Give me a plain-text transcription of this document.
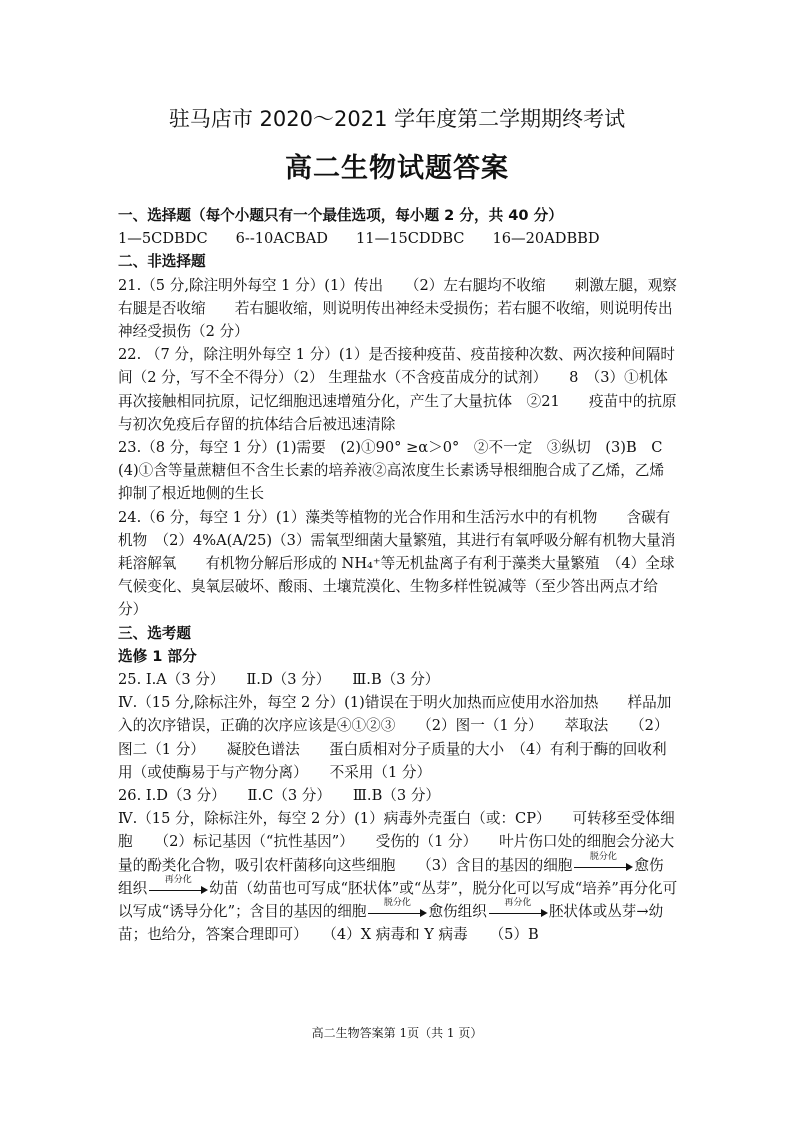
驻马店市 2020～2021 学年度第二学期期终考试
高二生物试题答案

一、选择题（每个小题只有一个最佳选项，每小题 2 分，共 40 分）

1—5CDBDC 6--10ACBAD 11—15CDDBC 16—20ADBBD

二、非选择题

21.（5 分,除注明外每空 1 分）(1）传出　　（2）左右腿均不收缩　　刺激左腿，观察右腿是否收缩　　若右腿收缩，则说明传出神经未受损伤；若右腿不收缩，则说明传出神经受损伤（2 分）

22. （7 分，除注明外每空 1 分）(1）是否接种疫苗、疫苗接种次数、两次接种间隔时间（2 分，写不全不得分）（2） 生理盐水（不含疫苗成分的试剂）　　8　（3）①机体再次接触相同抗原，记忆细胞迅速增殖分化，产生了大量抗体　②21　　疫苗中的抗原与初次免疫后存留的抗体结合后被迅速清除

23.（8 分，每空 1 分）(1)需要　(2)①90° ≥α＞0°　②不一定　③纵切　(3)B　C　(4)①含等量蔗糖但不含生长素的培养液②高浓度生长素诱导根细胞合成了乙烯，乙烯抑制了根近地侧的生长

24.（6 分，每空 1 分）(1）藻类等植物的光合作用和生活污水中的有机物　　含碳有机物　（2）4%A(A/25)（3）需氧型细菌大量繁殖，其进行有氧呼吸分解有机物大量消耗溶解氧　　有机物分解后形成的 NH₄⁺等无机盐离子有利于藻类大量繁殖　（4）全球气候变化、臭氧层破坏、酸雨、土壤荒漠化、生物多样性锐减等（至少答出两点才给分）

三、选考题

选修 1 部分

25. Ⅰ.A（3 分）　　Ⅱ.D（3 分）　　Ⅲ.B（3 分）

Ⅳ.（15 分,除标注外，每空 2 分）(1)错误在于明火加热而应使用水浴加热　　样品加入的次序错误，正确的次序应该是④①②③　　（2）图一（1 分）　　萃取法　　（2）图二（1 分）　　凝胶色谱法　　蛋白质相对分子质量的大小　（4）有利于酶的回收利用（或使酶易于与产物分离）　　不采用（1 分）

26. Ⅰ.D（3 分）　　Ⅱ.C（3 分）　　Ⅲ.B（3 分）

Ⅳ.（15 分，除标注外，每空 2 分）(1）病毒外壳蛋白（或：CP）　　可转移至受体细胞　　（2）标记基因（“抗性基因”）　　受伤的（1 分）　　叶片伤口处的细胞会分泌大量的酚类化合物，吸引农杆菌移向这些细胞　　（3）含目的基因的细胞	脱分化	愈伤组织	再分化	幼苗（幼苗也可写成“胚状体”或“丛芽”，脱分化可以写成“培养”再分化可以写成“诱导分化”；含目的基因的细胞	脱分化	愈伤组织	再分化	胚状体或丛芽→幼苗；也给分，答案合理即可）　　（4）X 病毒和 Y 病毒　　（5）B

高二生物答案第 1页（共 1 页）
